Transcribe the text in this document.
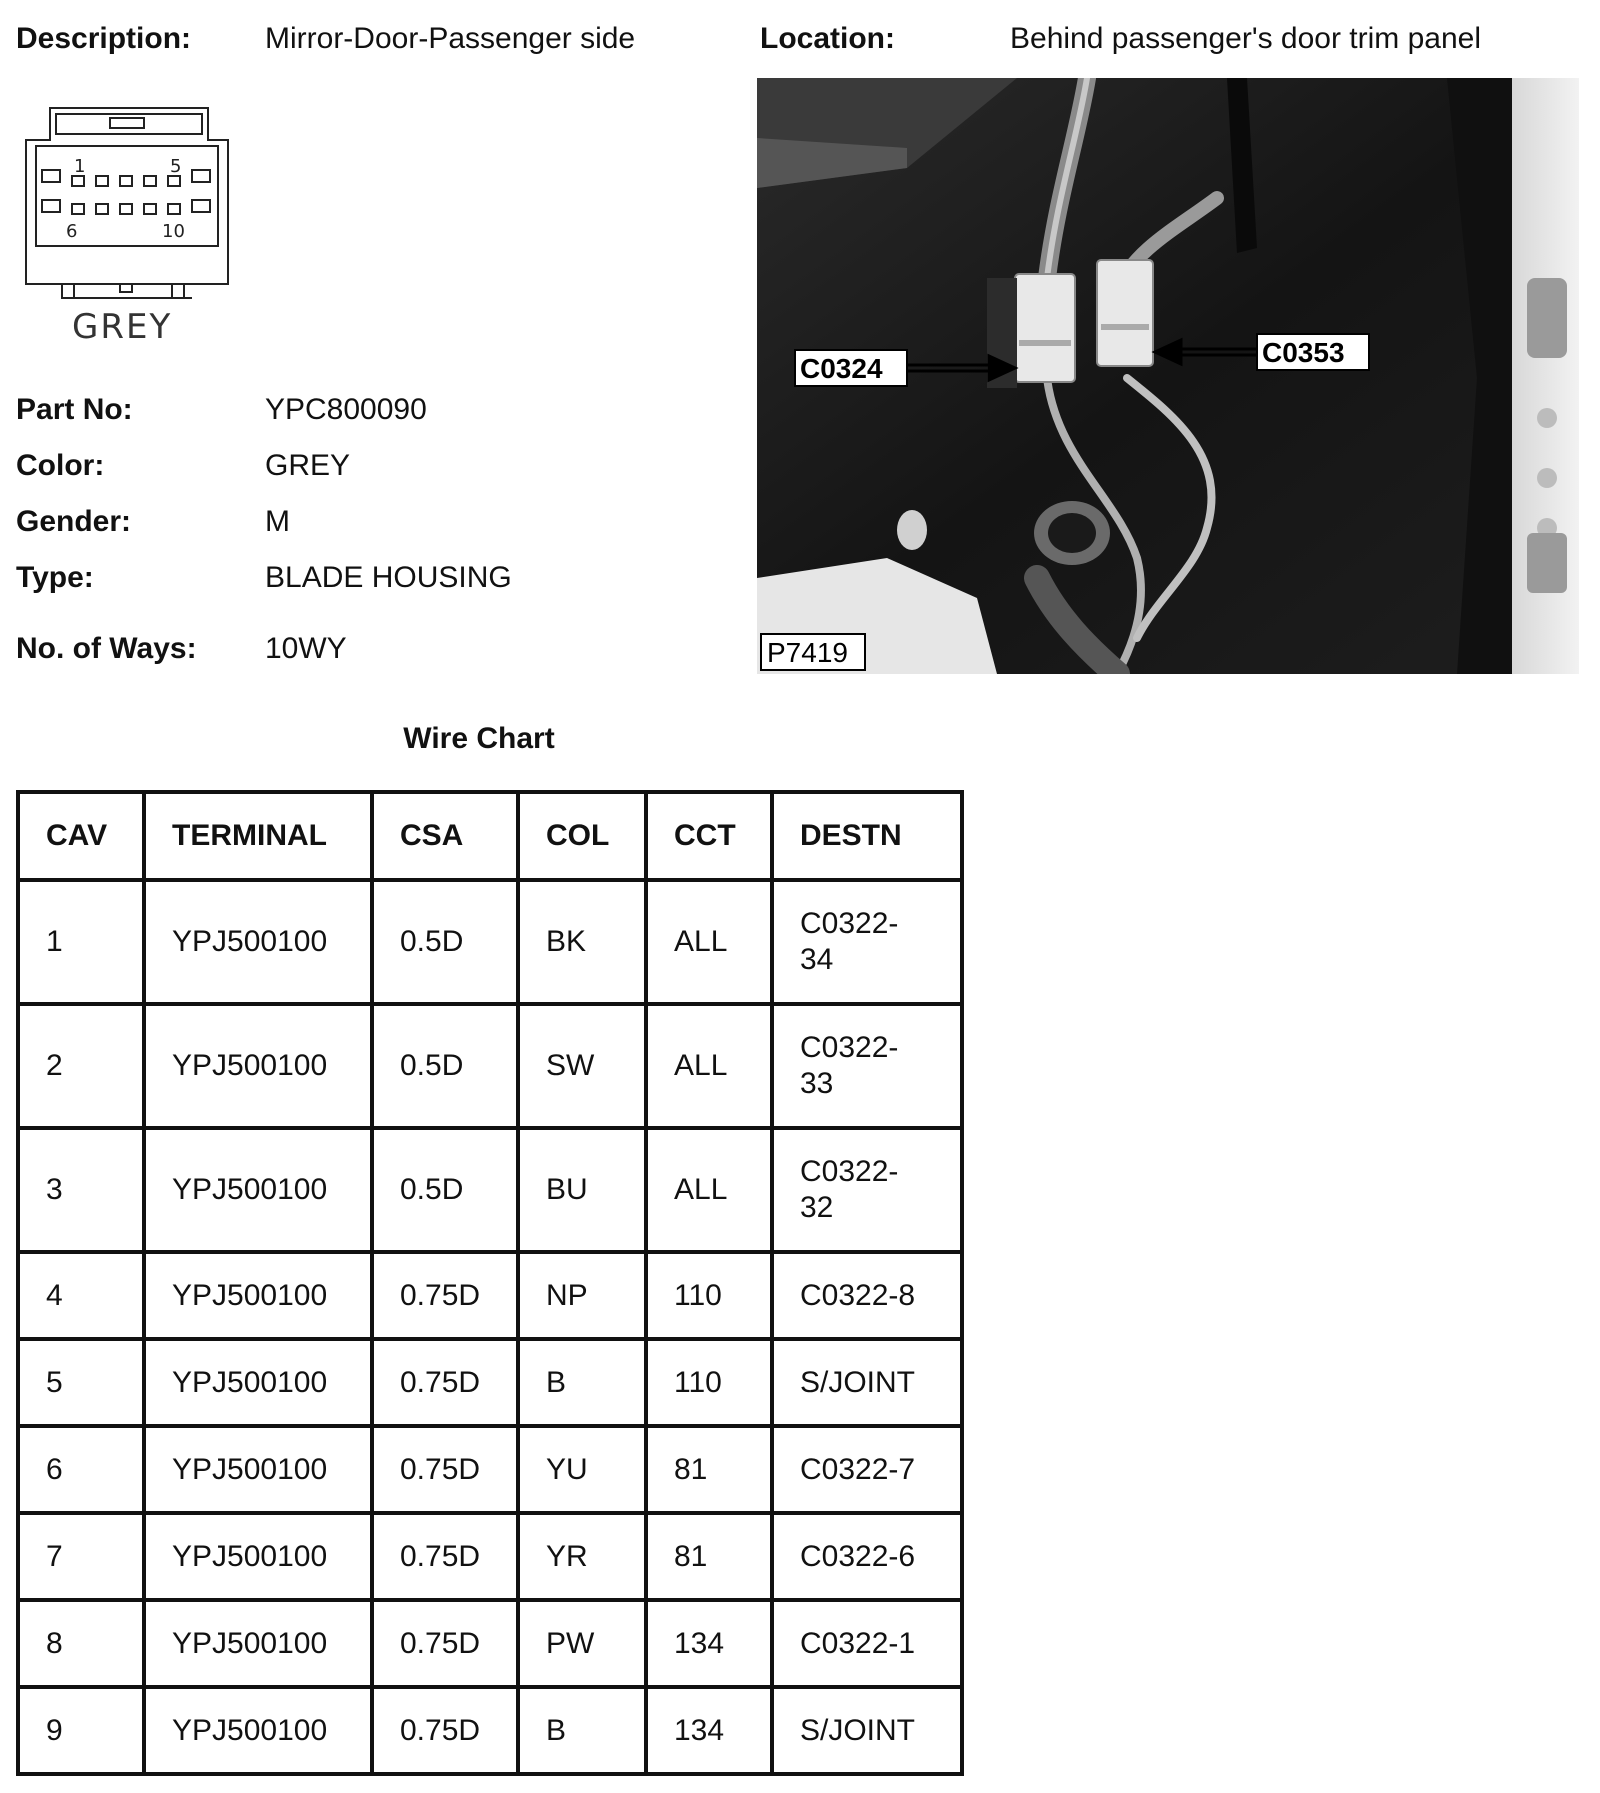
Description: Mirror-Door-Passenger side	Location:	Behind passenger's door trim panel
1	5
6	10
GREY
Part No:	YPC800090
Color:	GREY
Gender:	M
Type:	BLADE HOUSING
No. of Ways: 10WY
C0324
C0353
P7419
Wire Chart
CAV	TERMINAL	CSA	COL	CCT	DESTN
1	YPJ500100	0.5D	BK	ALL	C0322-
34
2	YPJ500100	0.5D	SW	ALL	C0322-
33
3	YPJ500100	0.5D	BU	ALL	C0322-
32
4	YPJ500100	0.75D	NP	110	C0322-8
5	YPJ500100	0.75D	B	110	S/JOINT
6	YPJ500100	0.75D	YU	81	C0322-7
7	YPJ500100	0.75D	YR	81	C0322-6
8	YPJ500100	0.75D	PW	134	C0322-1
9	YPJ500100	0.75D	B	134	S/JOINT
